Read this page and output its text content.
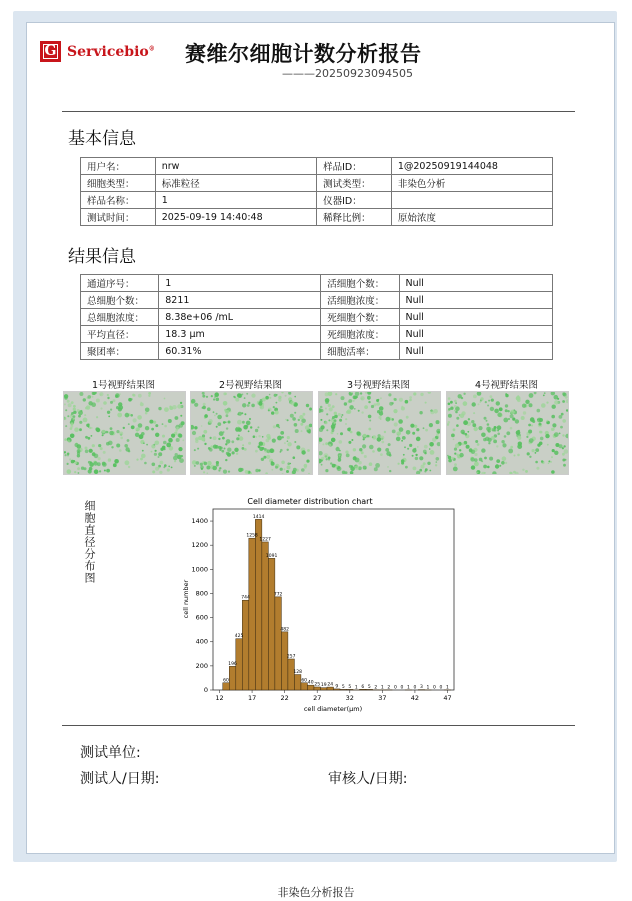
G Servicebio® 赛维尔细胞计数分析报告
———20250923094505
基本信息
用户名：	nrw	样品ID：	1@20250919144048
细胞类型：	标准粒径	测试类型：	非染色分析
样品名称：	1	仪器ID：	
测试时间：	2025-09-19 14:40:48	稀释比例：	原始浓度
结果信息
通道序号：	1	活细胞个数：	Null
总细胞个数：	8211	活细胞浓度：	Null
总细胞浓度：	8.38e+06 /mL	死细胞个数：	Null
平均直径：	18.3 μm	死细胞浓度：	Null
聚团率：	60.31%	细胞活率：	Null
1号视野结果图	2号视野结果图	3号视野结果图	4号视野结果图
细胞直径分布图	Cell diameter distribution chart
60
196
425
744
1258
1414
1227
1091
772
482
257
128
60 40 25 19 24 9 5 5 1 6 5 2 1 2 0 0 1 0 3 1 0 0 1
0
200
400
600
800
1000
1200
1400
12	17	22	27	32	37	42	47
cell diameter(μm)
cell number
测试单位:
测试人/日期:	审核人/日期:
非染色分析报告
